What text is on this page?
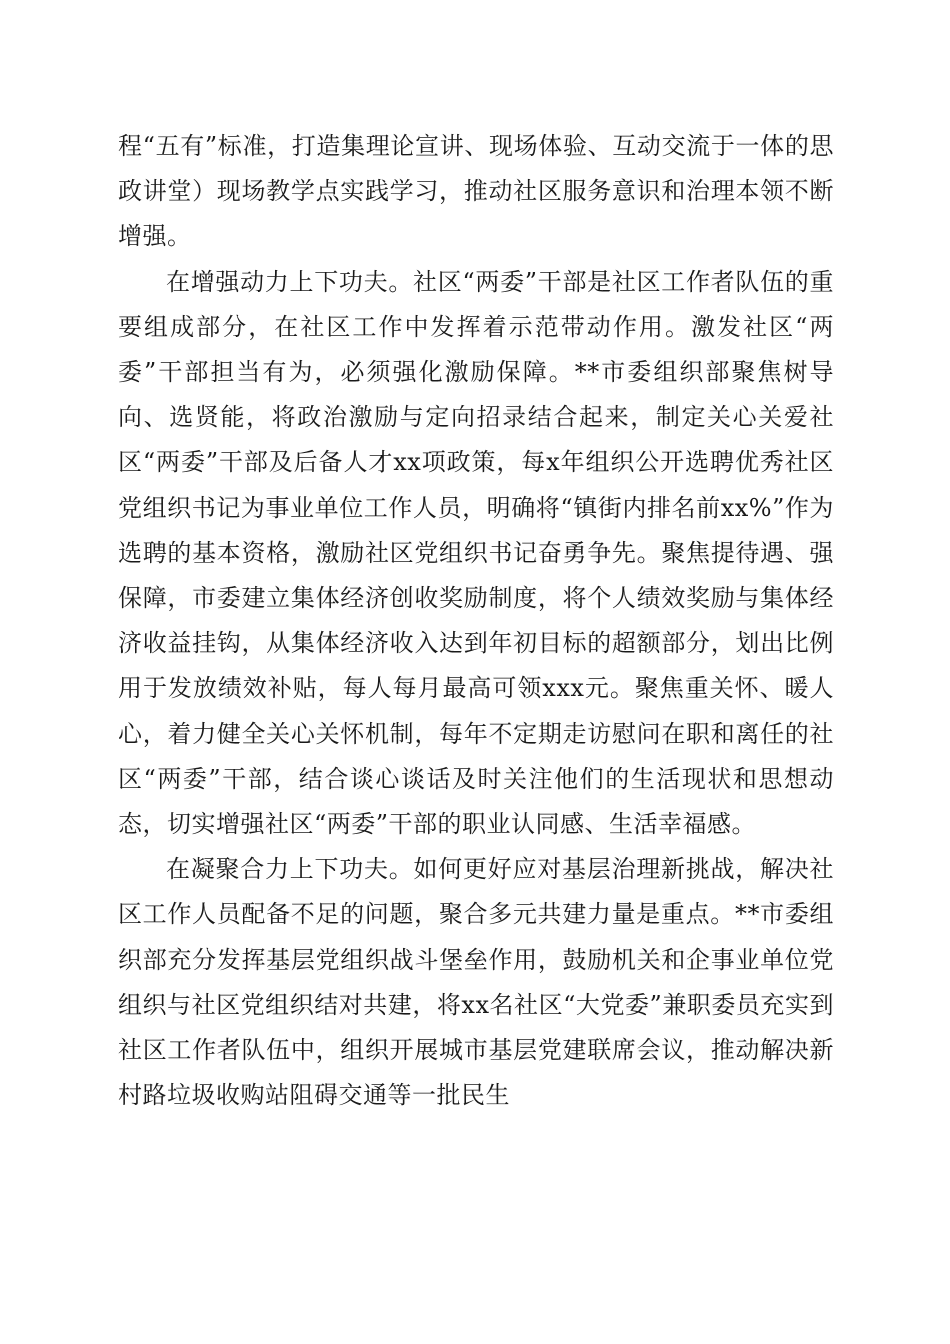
程“五有”标准，打造集理论宣讲、现场体验、互动交流于一体的思政讲堂）现场教学点实践学习，推动社区服务意识和治理本领不断增强。

在增强动力上下功夫。社区“两委”干部是社区工作者队伍的重要组成部分，在社区工作中发挥着示范带动作用。激发社区“两委”干部担当有为，必须强化激励保障。**市委组织部聚焦树导向、选贤能，将政治激励与定向招录结合起来，制定关心关爱社区“两委”干部及后备人才xx项政策，每x年组织公开选聘优秀社区党组织书记为事业单位工作人员，明确将“镇街内排名前xx%”作为选聘的基本资格，激励社区党组织书记奋勇争先。聚焦提待遇、强保障，市委建立集体经济创收奖励制度，将个人绩效奖励与集体经济收益挂钩，从集体经济收入达到年初目标的超额部分，划出比例用于发放绩效补贴，每人每月最高可领xxx元。聚焦重关怀、暖人心，着力健全关心关怀机制，每年不定期走访慰问在职和离任的社区“两委”干部，结合谈心谈话及时关注他们的生活现状和思想动态，切实增强社区“两委”干部的职业认同感、生活幸福感。

在凝聚合力上下功夫。如何更好应对基层治理新挑战，解决社区工作人员配备不足的问题，聚合多元共建力量是重点。**市委组织部充分发挥基层党组织战斗堡垒作用，鼓励机关和企事业单位党组织与社区党组织结对共建，将xx名社区“大党委”兼职委员充实到社区工作者队伍中，组织开展城市基层党建联席会议，推动解决新村路垃圾收购站阻碍交通等一批民生
